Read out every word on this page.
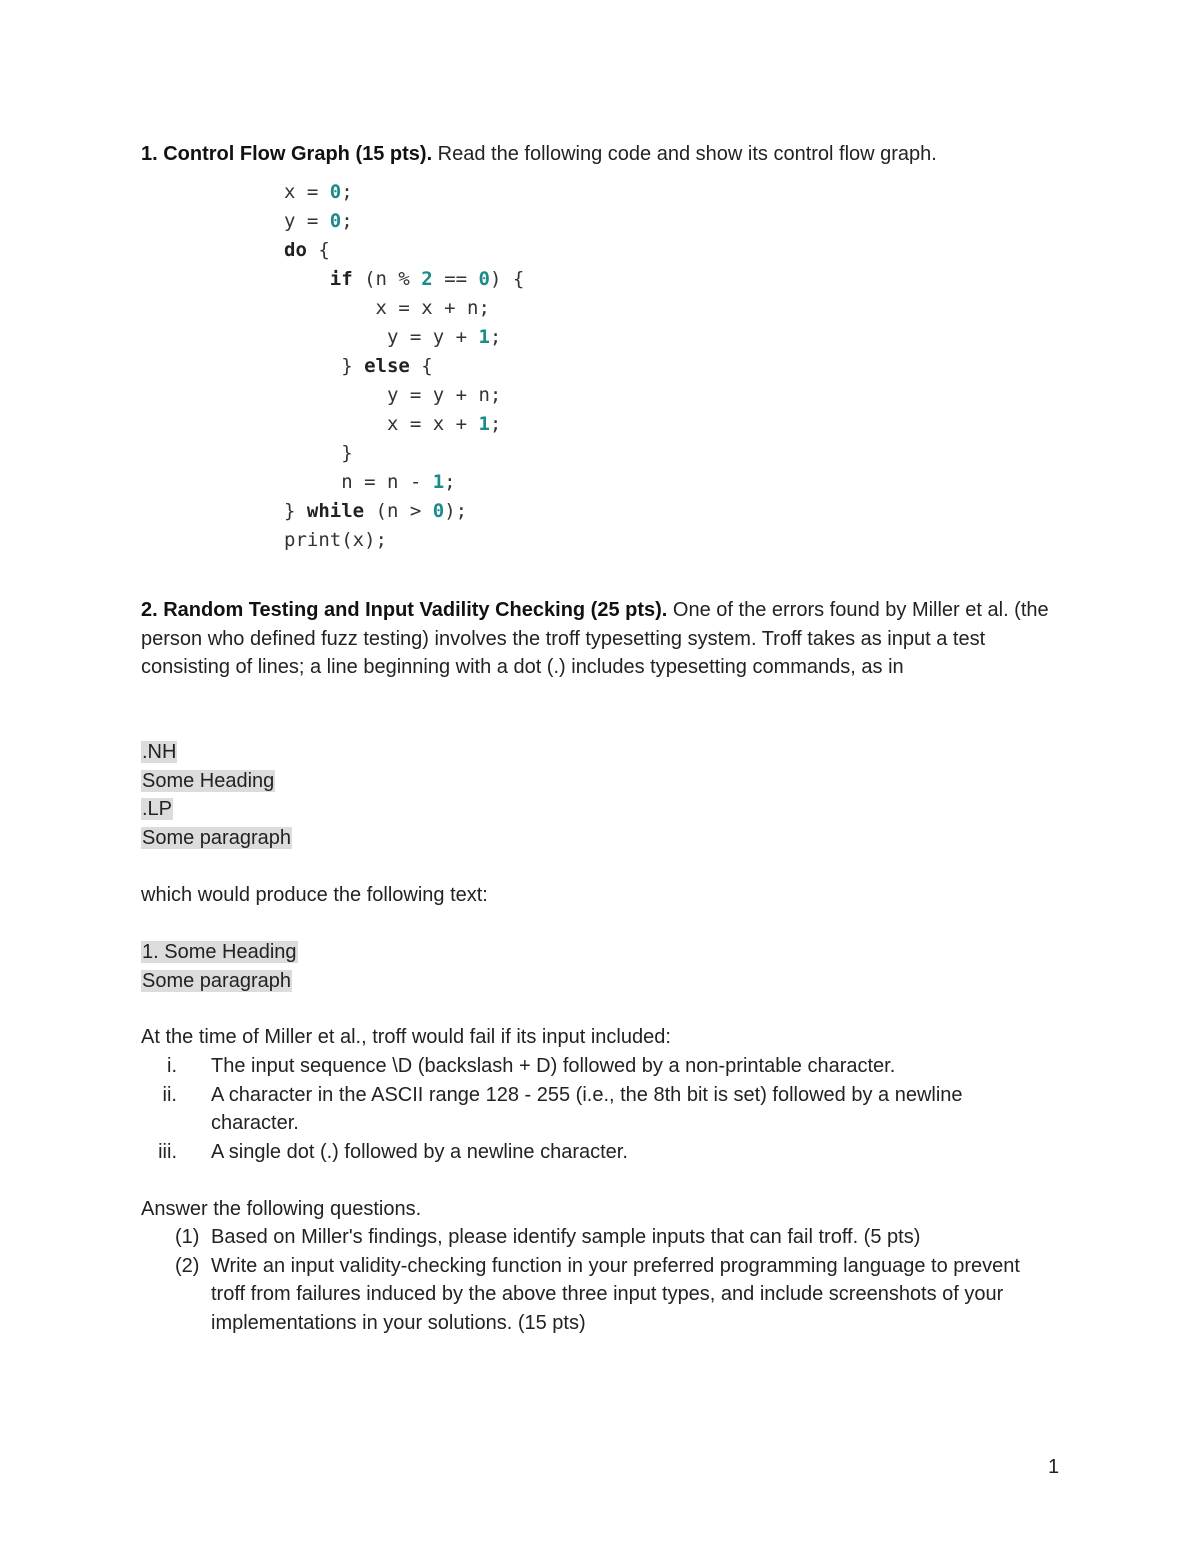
1. Control Flow Graph (15 pts). Read the following code and show its control flow graph.
x = 0;
y = 0;
do {
if (n % 2 == 0) {
x = x + n;
y = y + 1;
} else {
y = y + n;
x = x + 1;
}
n = n - 1;
} while (n > 0);
print(x);
2. Random Testing and Input Vadility Checking (25 pts). One of the errors found by Miller et al. (the person who defined fuzz testing) involves the troff typesetting system. Troff takes as input a test consisting of lines; a line beginning with a dot (.) includes typesetting commands, as in
.NH
Some Heading
.LP
Some paragraph
which would produce the following text:
1. Some Heading
Some paragraph
At the time of Miller et al., troff would fail if its input included:
i. The input sequence \D (backslash + D) followed by a non-printable character.
ii. A character in the ASCII range 128 - 255 (i.e., the 8th bit is set) followed by a newline character.
iii. A single dot (.) followed by a newline character.
Answer the following questions.
(1) Based on Miller's findings, please identify sample inputs that can fail troff. (5 pts)
(2) Write an input validity-checking function in your preferred programming language to prevent troff from failures induced by the above three input types, and include screenshots of your implementations in your solutions. (15 pts)
1
